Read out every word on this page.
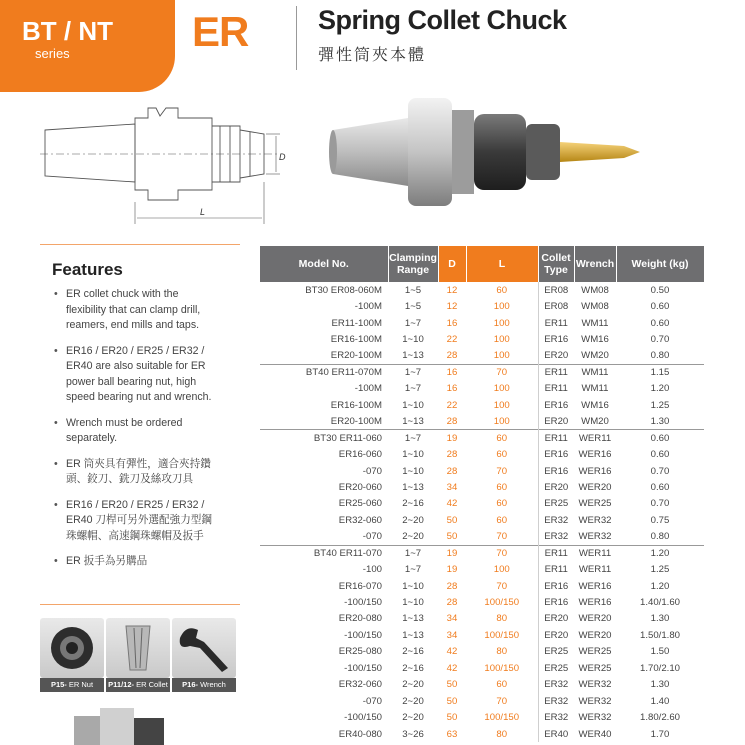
BT / NT
series	ER	Spring Collet Chuck
彈性筒夾本體
D
L
Features
• ER collet chuck with the
flexibility that can clamp drill,
reamers, end mills and taps.
• ER16 / ER20 / ER25 / ER32 /
ER40 are also suitable for ER
power ball bearing nut, high
speed bearing nut and wrench.
• Wrench must be ordered
separately.
• ER 筒夾具有彈性，適合夾持鑽
頭、鉸刀、銑刀及絲攻刀具
• ER16 / ER20 / ER25 / ER32 /
ER40 刀桿可另外選配強力型鋼
珠螺帽、高速鋼珠螺帽及扳手
• ER 扳手為另購品
P15- ER Nut	P11/12- ER Collet	P16- Wrench
Model No.	Clamping Range	D	L	Collet Type	Wrench	Weight (kg)
BT30 ER08-060M	1~5	12	60	ER08	WM08	0.50
-100M	1~5	12	100	ER08	WM08	0.60
ER11-100M	1~7	16	100	ER11	WM11	0.60
ER16-100M	1~10	22	100	ER16	WM16	0.70
ER20-100M	1~13	28	100	ER20	WM20	0.80
BT40 ER11-070M	1~7	16	70	ER11	WM11	1.15
-100M	1~7	16	100	ER11	WM11	1.20
ER16-100M	1~10	22	100	ER16	WM16	1.25
ER20-100M	1~13	28	100	ER20	WM20	1.30
BT30 ER11-060	1~7	19	60	ER11	WER11	0.60
ER16-060	1~10	28	60	ER16	WER16	0.60
-070	1~10	28	70	ER16	WER16	0.70
ER20-060	1~13	34	60	ER20	WER20	0.60
ER25-060	2~16	42	60	ER25	WER25	0.70
ER32-060	2~20	50	60	ER32	WER32	0.75
-070	2~20	50	70	ER32	WER32	0.80
BT40 ER11-070	1~7	19	70	ER11	WER11	1.20
-100	1~7	19	100	ER11	WER11	1.25
ER16-070	1~10	28	70	ER16	WER16	1.20
-100/150	1~10	28	100/150	ER16	WER16	1.40/1.60
ER20-080	1~13	34	80	ER20	WER20	1.30
-100/150	1~13	34	100/150	ER20	WER20	1.50/1.80
ER25-080	2~16	42	80	ER25	WER25	1.50
-100/150	2~16	42	100/150	ER25	WER25	1.70/2.10
ER32-060	2~20	50	60	ER32	WER32	1.30
-070	2~20	50	70	ER32	WER32	1.40
-100/150	2~20	50	100/150	ER32	WER32	1.80/2.60
ER40-080	3~26	63	80	ER40	WER40	1.70
